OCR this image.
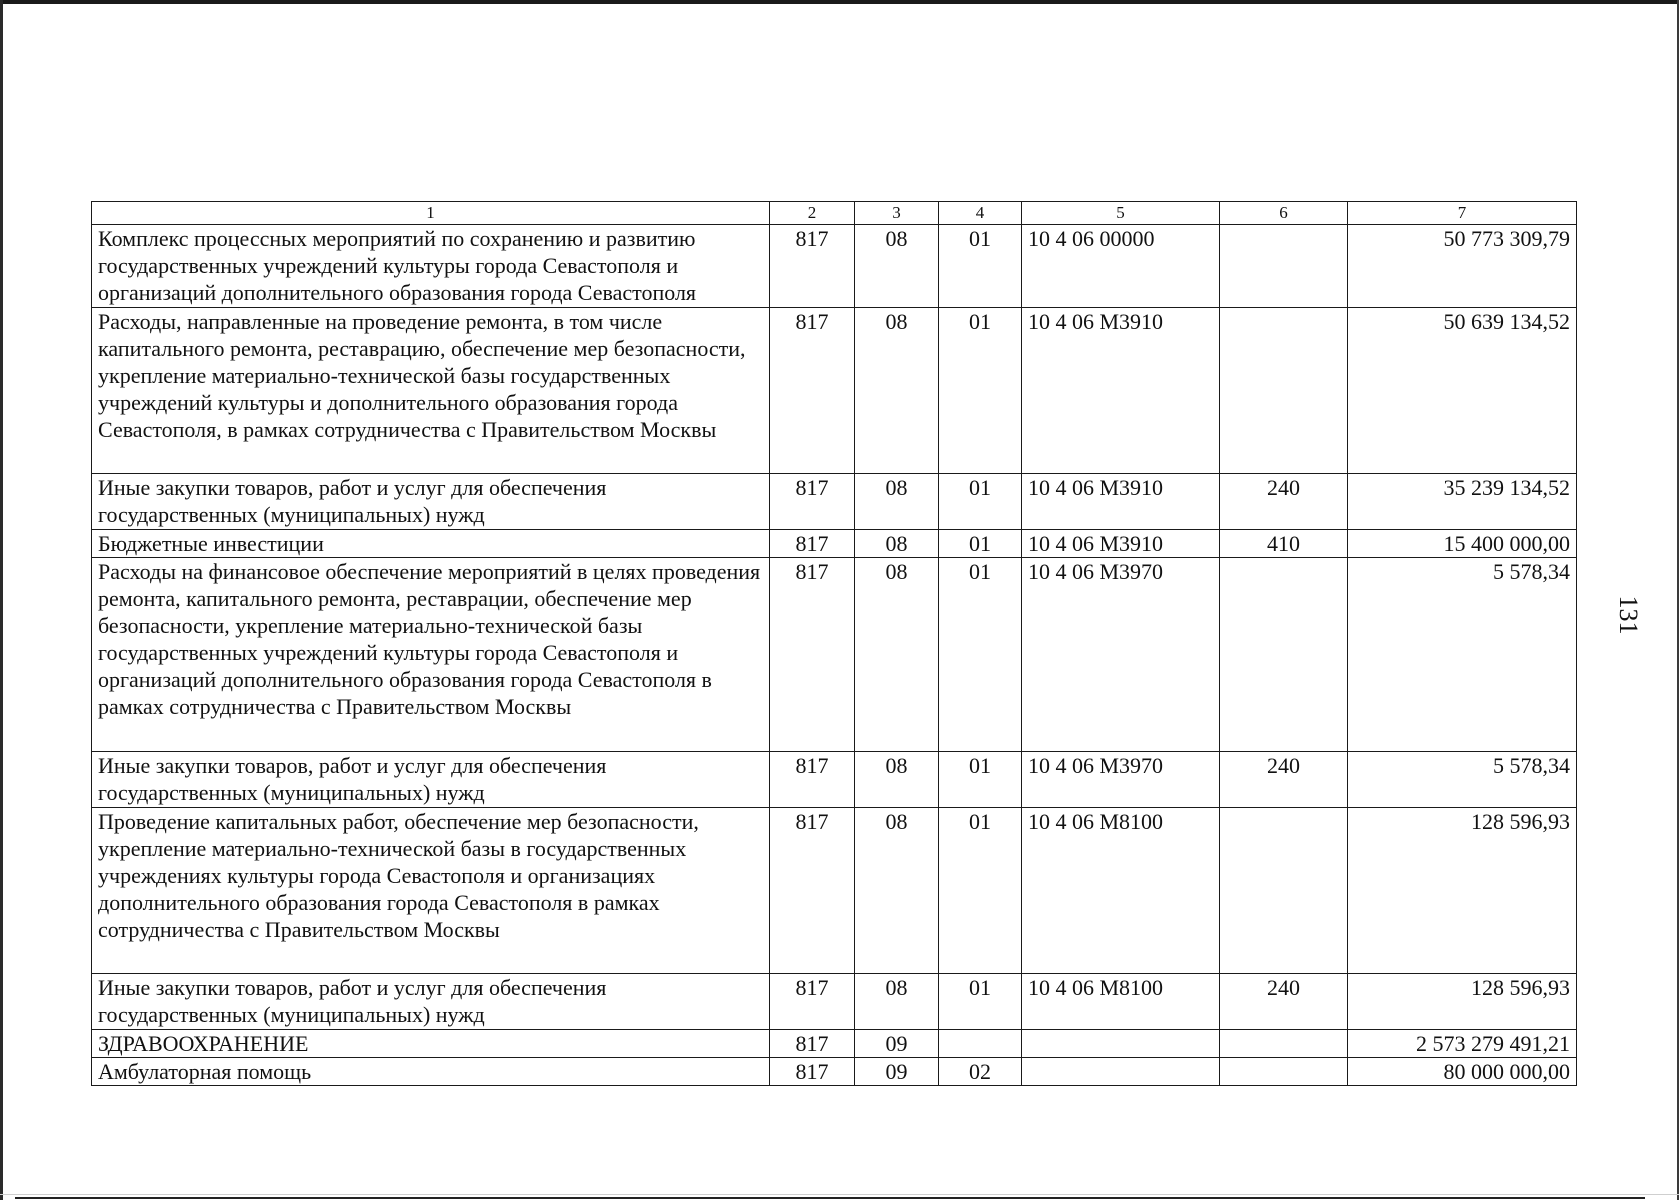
1	2	3	4	5	6	7
Комплекс процессных мероприятий по сохранению и развитию государственных учреждений культуры города Севастополя и организаций дополнительного образования города Севастополя	817	08	01	10 4 06 00000		50 773 309,79
Расходы, направленные на проведение ремонта, в том числе капитального ремонта, реставрацию, обеспечение мер безопасности, укрепление материально-технической базы государственных учреждений культуры и дополнительного образования города Севастополя, в рамках сотрудничества с Правительством Москвы	817	08	01	10 4 06 M3910		50 639 134,52
Иные закупки товаров, работ и услуг для обеспечения государственных (муниципальных) нужд	817	08	01	10 4 06 M3910	240	35 239 134,52
Бюджетные инвестиции	817	08	01	10 4 06 M3910	410	15 400 000,00
Расходы на финансовое обеспечение мероприятий в целях проведения ремонта, капитального ремонта, реставрации, обеспечение мер безопасности, укрепление материально-технической базы государственных учреждений культуры города Севастополя и организаций дополнительного образования города Севастополя в рамках сотрудничества с Правительством Москвы	817	08	01	10 4 06 M3970		5 578,34
Иные закупки товаров, работ и услуг для обеспечения государственных (муниципальных) нужд	817	08	01	10 4 06 M3970	240	5 578,34
Проведение капитальных работ, обеспечение мер безопасности, укрепление материально-технической базы в государственных учреждениях культуры города Севастополя и организациях дополнительного образования города Севастополя в рамках сотрудничества с Правительством Москвы	817	08	01	10 4 06 M8100		128 596,93
Иные закупки товаров, работ и услуг для обеспечения государственных (муниципальных) нужд	817	08	01	10 4 06 M8100	240	128 596,93
ЗДРАВООХРАНЕНИЕ	817	09				2 573 279 491,21
Амбулаторная помощь	817	09	02			80 000 000,00
131
